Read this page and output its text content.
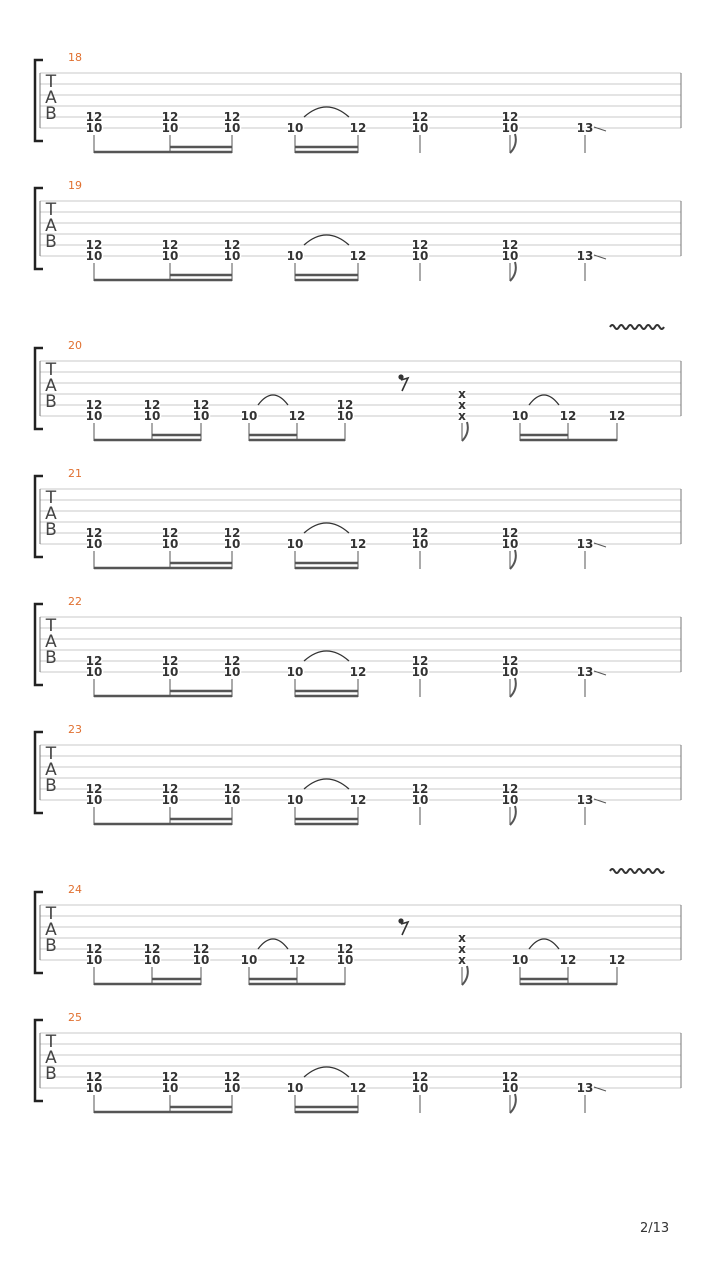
T
A
B
18
12
10
12
10
12
10	10	12
12
10
12
10	13
T
A
B
19
12
10
12
10
12
10	10	12
12
10
12
10	13
T
A
B
20
12
10
12
10
12
10	10	12
12
10
x
x
x	10	12	12
T
A
B
21
12
10
12
10
12
10	10	12
12
10
12
10	13
T
A
B
22
12
10
12
10
12
10	10	12
12
10
12
10	13
T
A
B
23
12
10
12
10
12
10	10	12
12
10
12
10	13
T
A
B
24
12
10
12
10
12
10	10	12
12
10
x
x
x	10	12	12
T
A
B
25
12
10
12
10
12
10	10	12
12
10
12
10	13
2/13
